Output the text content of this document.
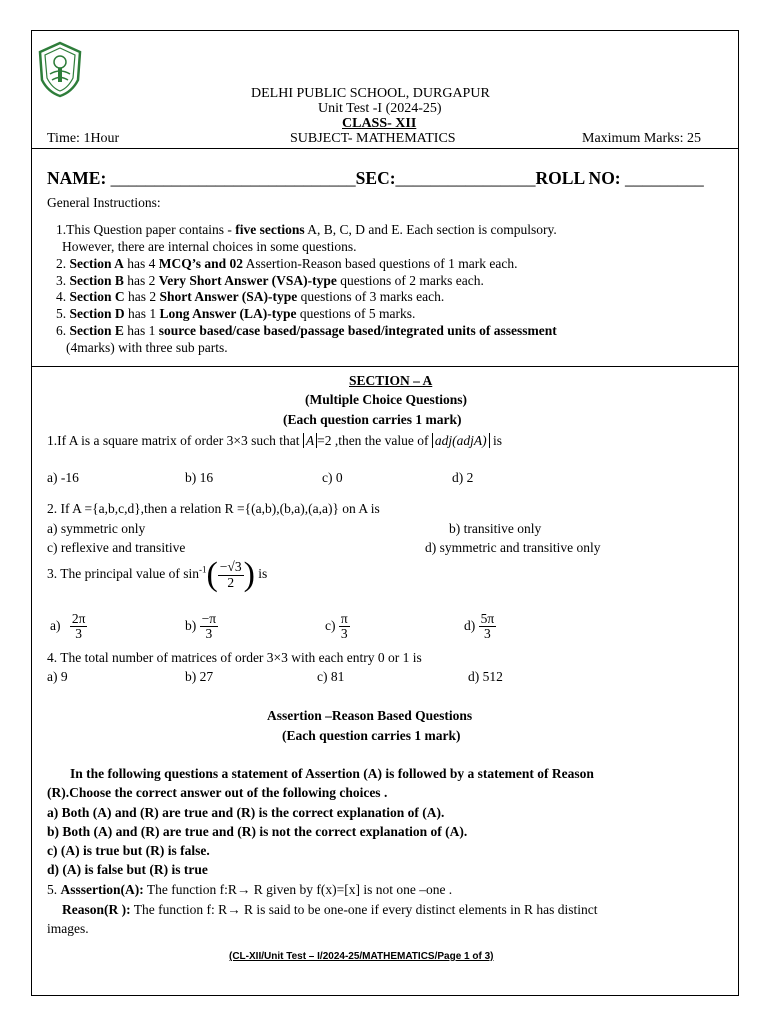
DELHI PUBLIC SCHOOL, DURGAPUR
Unit Test -I (2024-25)
CLASS- XII
Time: 1Hour	SUBJECT- MATHEMATICS	Maximum Marks: 25
NAME: ____________________________SEC:________________ROLL NO: _________
General Instructions:
1.This Question paper contains - five sections A, B, C, D and E. Each section is compulsory.
However, there are internal choices in some questions.
2. Section A has 4 MCQ’s and 02 Assertion-Reason based questions of 1 mark each.
3. Section B has 2 Very Short Answer (VSA)-type questions of 2 marks each.
4. Section C has 2 Short Answer (SA)-type questions of 3 marks each.
5. Section D has 1 Long Answer (LA)-type questions of 5 marks.
6. Section E has 1 source based/case based/passage based/integrated units of assessment
(4marks) with three sub parts.
SECTION – A
(Multiple Choice Questions)
(Each question carries 1 mark)
1.If A is a square matrix of order 3×3 such that A =2 ,then the value of adj(adjA) is
a) -16	b) 16	c) 0	d) 2
2. If A ={a,b,c,d},then a relation R ={(a,b),(b,a),(a,a)} on A is
a) symmetric only	b) transitive only
c) reflexive and transitive	d) symmetric and transitive only
3. The principal value of $\sin^{-1}( \frac{-√3}{2}$ ) is
$a) \frac{2\pi}{3}$	$b) \frac{-\pi}{3}$	$c) \frac{\pi}{3}$	$d) \frac{5\pi}{3}$
4. The total number of matrices of order 3×3 with each entry 0 or 1 is
a) 9	b) 27	c) 81	d) 512
Assertion –Reason Based Questions
(Each question carries 1 mark)
In the following questions a statement of Assertion (A) is followed by a statement of Reason
(R).Choose the correct answer out of the following choices .
a) Both (A) and (R) are true and (R) is the correct explanation of (A).
b) Both (A) and (R) are true and (R) is not the correct explanation of (A).
c) (A) is true but (R) is false.
d) (A) is false but (R) is true
5. Asssertion(A): The function f:R→ R given by f(x)=[x] is not one –one .
Reason(R ): The function f: R→ R is said to be one-one if every distinct elements in R has distinct
images.
(CL-XII/Unit Test – I/2024-25/MATHEMATICS/Page 1 of 3)
